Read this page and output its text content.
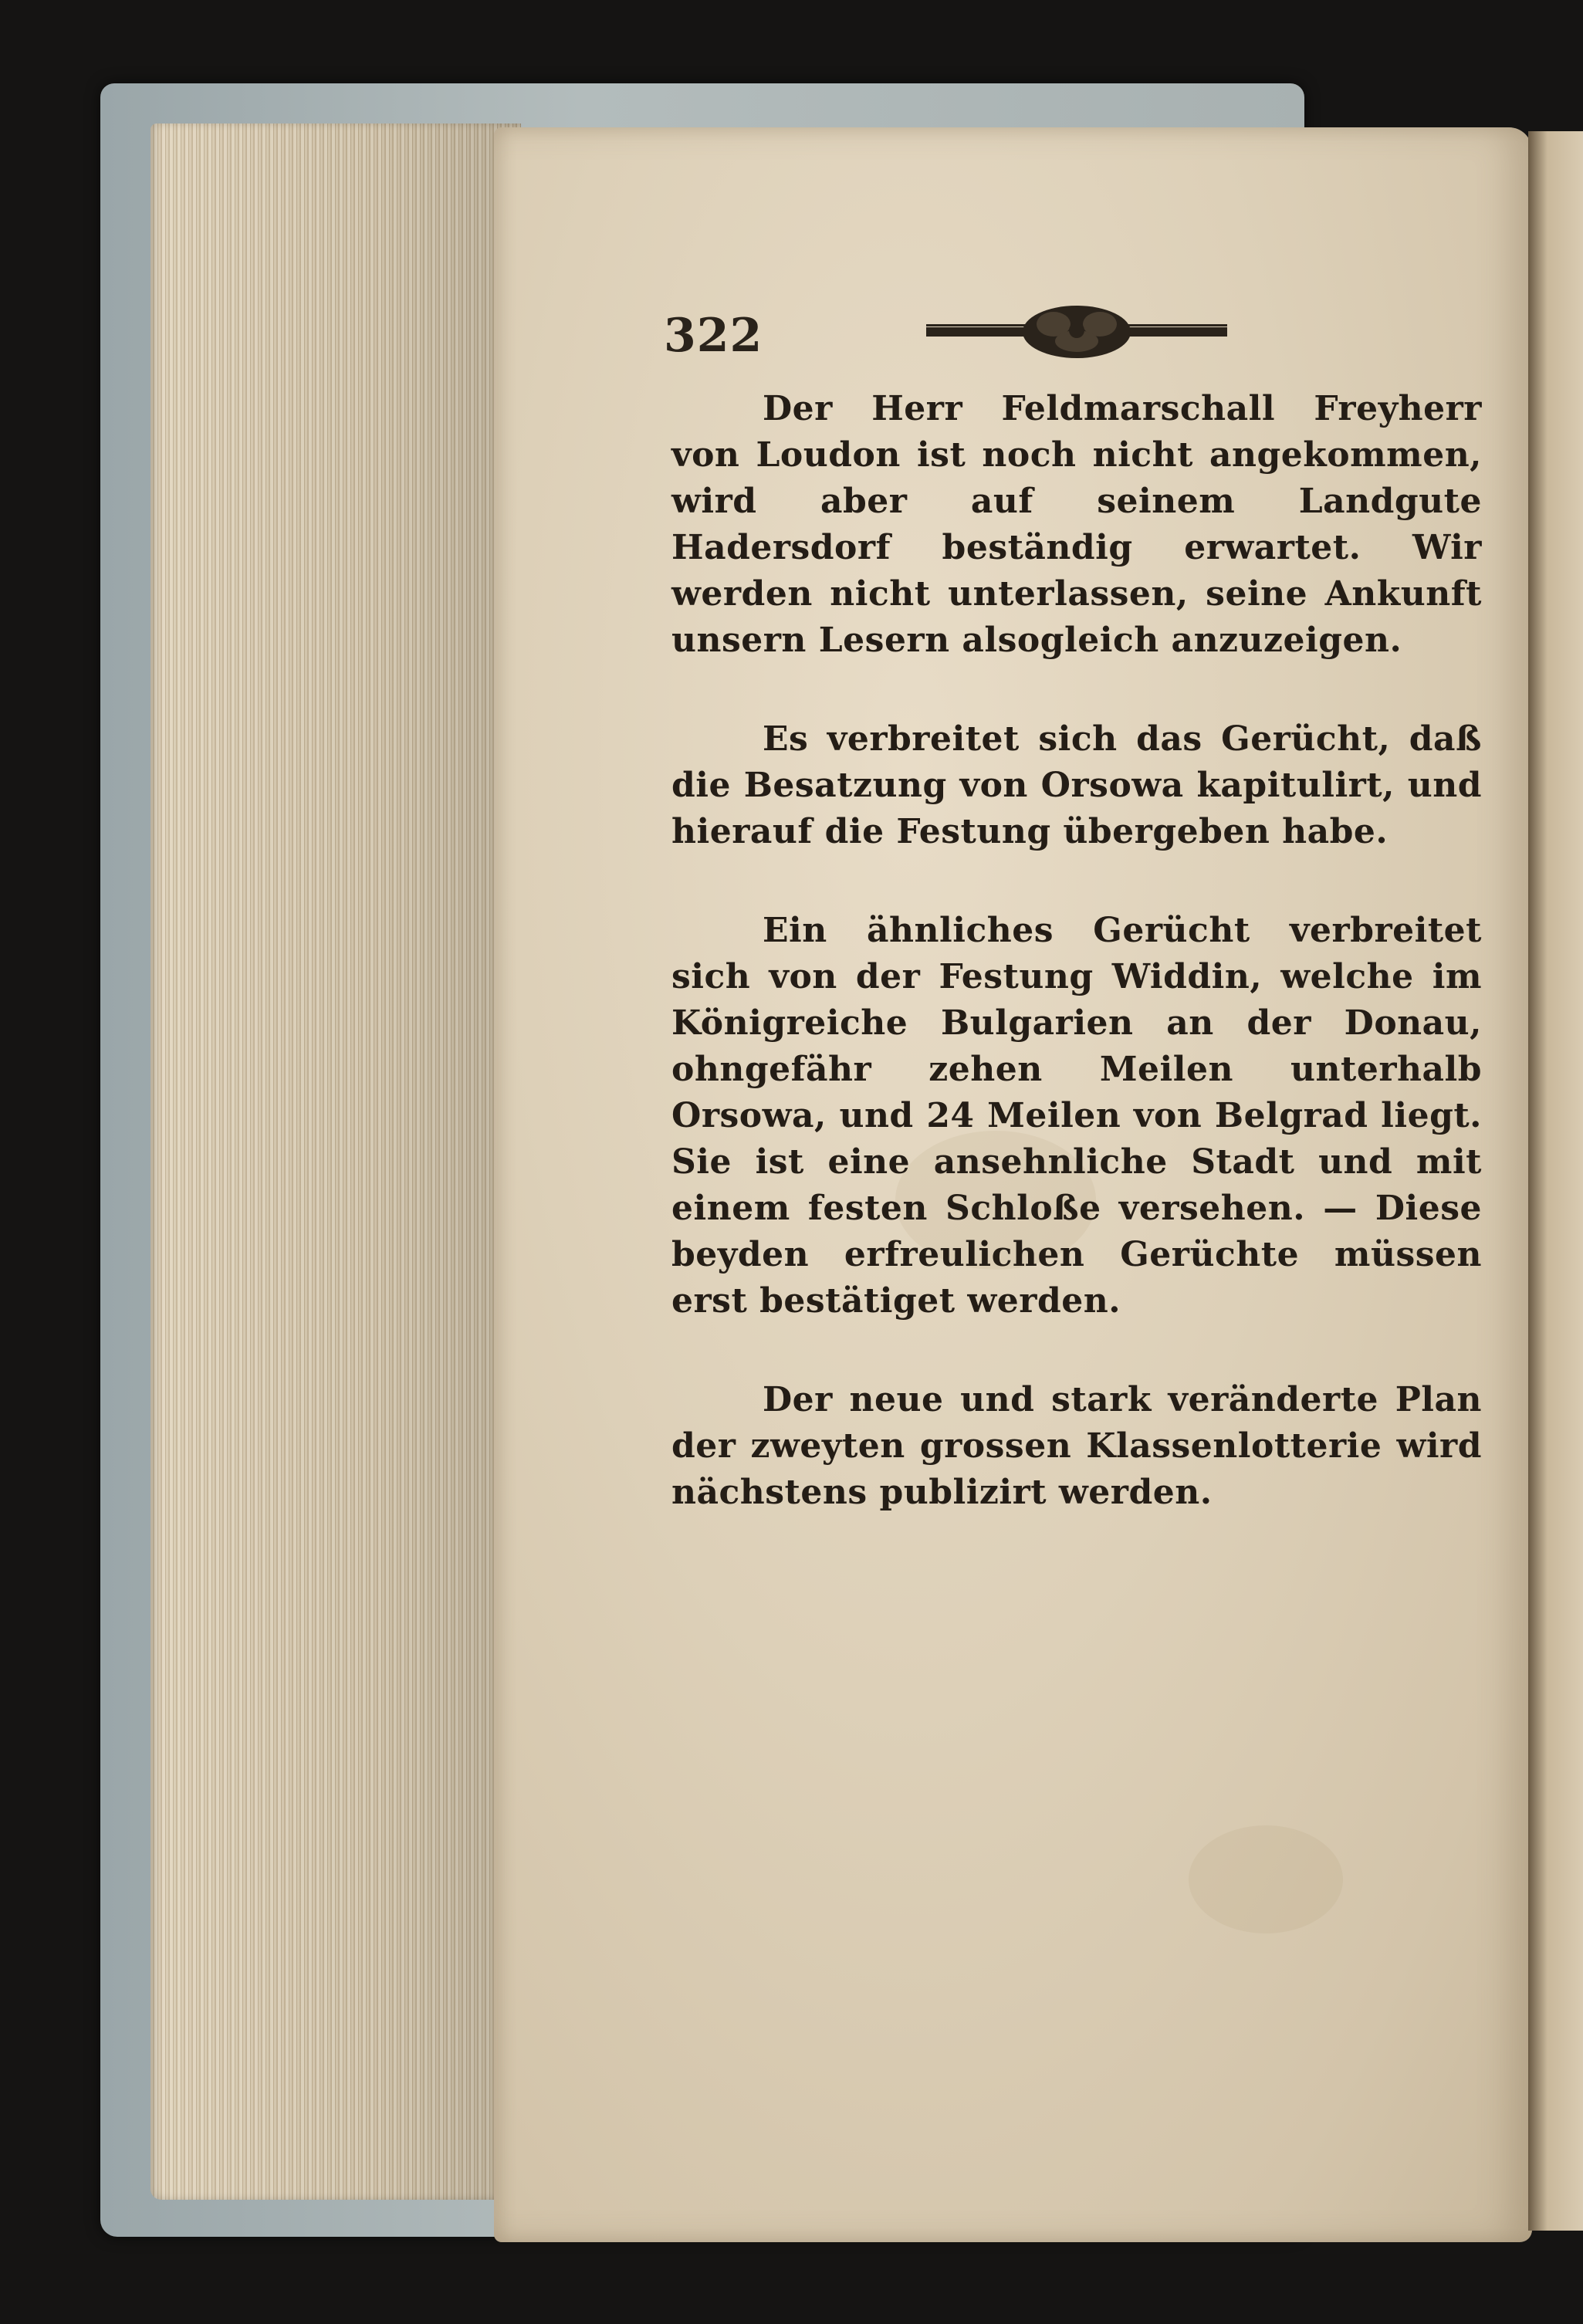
322

Der Herr Feldmarschall Freyherr von Loudon ist noch nicht angekommen, wird aber auf seinem Landgute Hadersdorf beständig erwartet. Wir werden nicht unterlassen, seine Ankunft unsern Lesern alsogleich anzuzeigen.

Es verbreitet sich das Gerücht, daß die Besatzung von Orsowa kapitulirt, und hierauf die Festung übergeben habe.

Ein ähnliches Gerücht verbreitet sich von der Festung Widdin, welche im Königreiche Bulgarien an der Donau, ohngefähr zehen Meilen unterhalb Orsowa, und 24 Meilen von Belgrad liegt. Sie ist eine ansehnliche Stadt und mit einem festen Schloße versehen. — Diese beyden erfreulichen Gerüchte müssen erst bestätiget werden.

Der neue und stark veränderte Plan der zweyten grossen Klassenlotterie wird nächstens publizirt werden.
